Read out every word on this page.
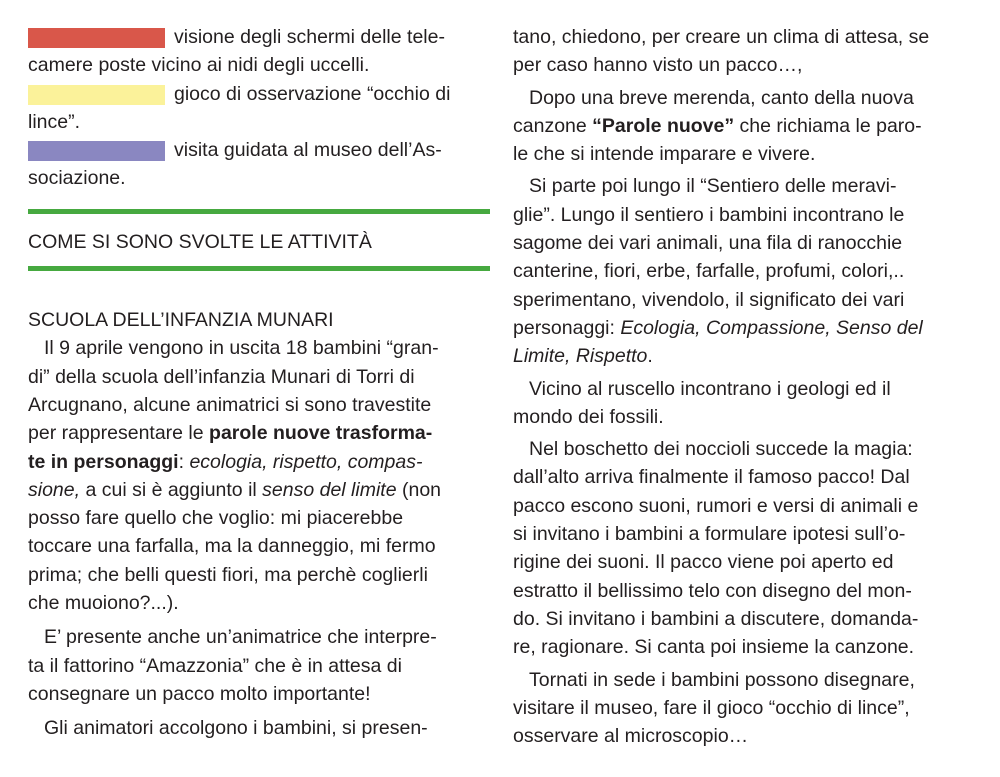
visione degli schermi delle tele-
camere poste vicino ai nidi degli uccelli.
gioco di osservazione “occhio di
lince”.
visita guidata al museo dell’As-
sociazione.
COME SI SONO SVOLTE LE ATTIVITÀ
SCUOLA DELL’INFANZIA MUNARI
Il 9 aprile vengono in uscita 18 bambini “gran-
di” della scuola dell’infanzia Munari di Torri di
Arcugnano, alcune animatrici si sono travestite
per rappresentare le parole nuove trasforma-
te in personaggi: ecologia, rispetto, compas-
sione, a cui si è aggiunto il senso del limite (non
posso fare quello che voglio: mi piacerebbe
toccare una farfalla, ma la danneggio, mi fermo
prima; che belli questi fiori, ma perchè coglierli
che muoiono?...).
E’ presente anche un’animatrice che interpre-
ta il fattorino “Amazzonia” che è in attesa di
consegnare un pacco molto importante!
Gli animatori accolgono i bambini, si presen-
tano, chiedono, per creare un clima di attesa, se
per caso hanno visto un pacco…,
Dopo una breve merenda, canto della nuova
canzone “Parole nuove” che richiama le paro-
le che si intende imparare e vivere.
Si parte poi lungo il “Sentiero delle meravi-
glie”. Lungo il sentiero i bambini incontrano le
sagome dei vari animali, una fila di ranocchie
canterine, fiori, erbe, farfalle, profumi, colori,..
sperimentano, vivendolo, il significato dei vari
personaggi: Ecologia, Compassione, Senso del
Limite, Rispetto.
Vicino al ruscello incontrano i geologi ed il
mondo dei fossili.
Nel boschetto dei noccioli succede la magia:
dall’alto arriva finalmente il famoso pacco! Dal
pacco escono suoni, rumori e versi di animali e
si invitano i bambini a formulare ipotesi sull’o-
rigine dei suoni. Il pacco viene poi aperto ed
estratto il bellissimo telo con disegno del mon-
do. Si invitano i bambini a discutere, domanda-
re, ragionare. Si canta poi insieme la canzone.
Tornati in sede i bambini possono disegnare,
visitare il museo, fare il gioco “occhio di lince”,
osservare al microscopio…
